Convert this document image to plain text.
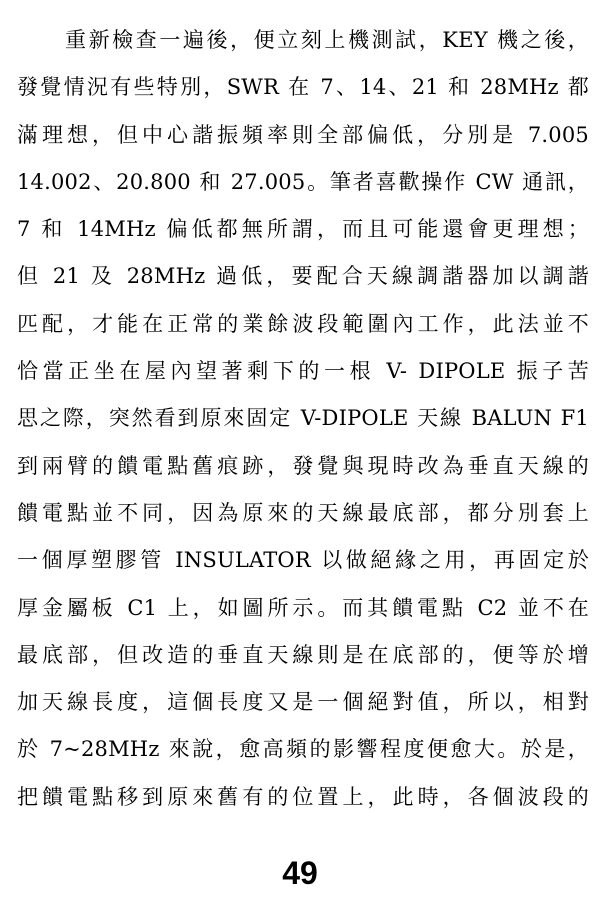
重新檢查一遍後，便立刻上機測試，KEY 機之後，
發覺情況有些特別，SWR 在 7、14、21 和 28MHz 都
滿理想，但中心諧振頻率則全部偏低，分別是 7.005
14.002、20.800 和 27.005。筆者喜歡操作 CW 通訊，
7 和 14MHz 偏低都無所謂，而且可能還會更理想；
但 21 及 28MHz 過低，要配合天線調諧器加以調諧
匹配，才能在正常的業餘波段範圍內工作，此法並不
恰當正坐在屋內望著剩下的一根 V- DIPOLE 振子苦
思之際，突然看到原來固定 V-DIPOLE 天線 BALUN F1
到兩臂的饋電點舊痕跡，發覺與現時改為垂直天線的
饋電點並不同，因為原來的天線最底部，都分別套上
一個厚塑膠管 INSULATOR 以做絕緣之用，再固定於
厚金屬板 C1 上，如圖所示。而其饋電點 C2 並不在
最底部，但改造的垂直天線則是在底部的，便等於增
加天線長度，這個長度又是一個絕對值，所以，相對
於 7~28MHz 來說，愈高頻的影響程度便愈大。於是，
把饋電點移到原來舊有的位置上，此時，各個波段的
49
